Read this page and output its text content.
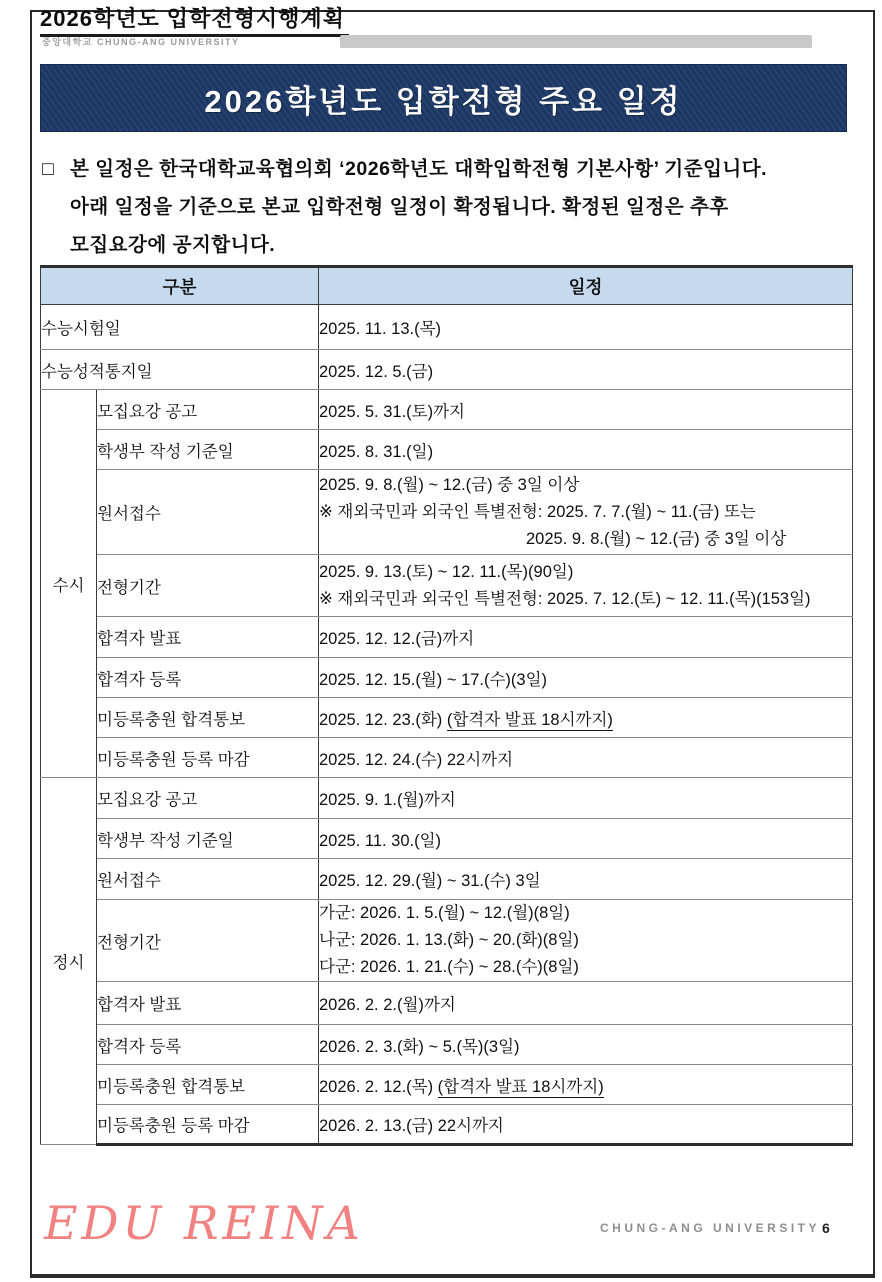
2026학년도 입학전형시행계획
중앙대학교 CHUNG-ANG UNIVERSITY
2026학년도 입학전형 주요 일정
□ 본 일정은 한국대학교육협의회 ‘2026학년도 대학입학전형 기본사항’ 기준입니다.
아래 일정을 기준으로 본교 입학전형 일정이 확정됩니다. 확정된 일정은 추후
모집요강에 공지합니다.
구분		일정
수능시험일		2025. 11. 13.(목)
수능성적통지일		2025. 12. 5.(금)
수시	모집요강 공고	2025. 5. 31.(토)까지
	학생부 작성 기준일	2025. 8. 31.(일)
	원서접수	2025. 9. 8.(월) ~ 12.(금) 중 3일 이상
※ 재외국민과 외국인 특별전형: 2025. 7. 7.(월) ~ 11.(금) 또는
2025. 9. 8.(월) ~ 12.(금) 중 3일 이상

	전형기간	2025. 9. 13.(토) ~ 12. 11.(목)(90일)
※ 재외국민과 외국인 특별전형: 2025. 7. 12.(토) ~ 12. 11.(목)(153일)

	합격자 발표	2025. 12. 12.(금)까지
	합격자 등록	2025. 12. 15.(월) ~ 17.(수)(3일)
	미등록충원 합격통보	2025. 12. 23.(화) (합격자 발표 18시까지)
	미등록충원 등록 마감	2025. 12. 24.(수) 22시까지
정시	모집요강 공고	2025. 9. 1.(월)까지
	학생부 작성 기준일	2025. 11. 30.(일)
	원서접수	2025. 12. 29.(월) ~ 31.(수) 3일
	전형기간	가군: 2026. 1. 5.(월) ~ 12.(월)(8일)
나군: 2026. 1. 13.(화) ~ 20.(화)(8일)
다군: 2026. 1. 21.(수) ~ 28.(수)(8일)

	합격자 발표	2026. 2. 2.(월)까지
	합격자 등록	2026. 2. 3.(화) ~ 5.(목)(3일)
	미등록충원 합격통보	2026. 2. 12.(목) (합격자 발표 18시까지)
	미등록충원 등록 마감	2026. 2. 13.(금) 22시까지
EDU REINA	CHUNG-ANG UNIVERSITY 6
